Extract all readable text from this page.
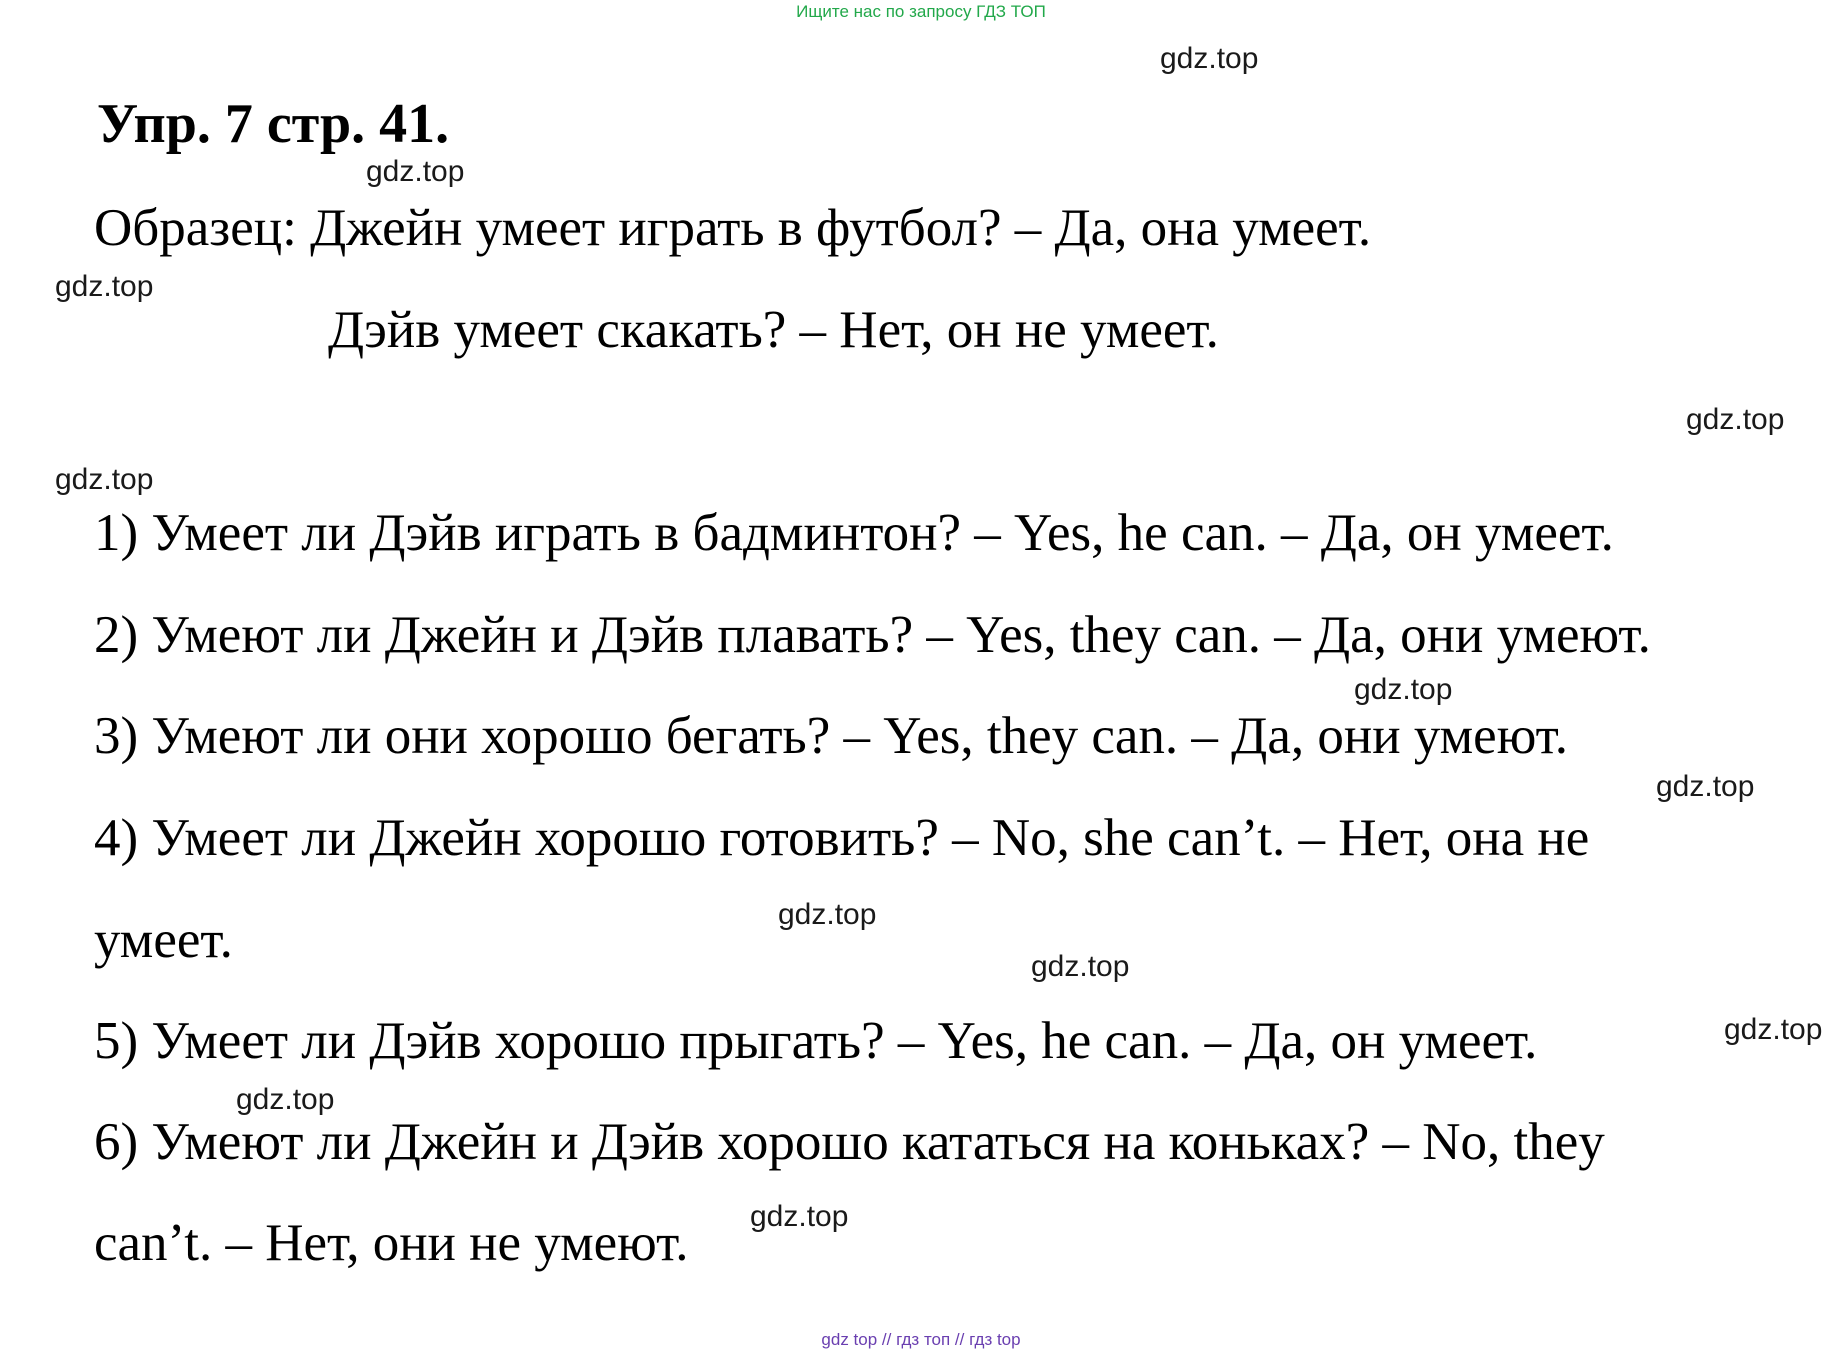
Ищите нас по запросу ГДЗ ТОП
gdz.top
Упр. 7 стр. 41.
gdz.top
Образец: Джейн умеет играть в футбол? – Да, она умеет.
gdz.top
Дэйв умеет скакать? – Нет, он не умеет.
gdz.top
gdz.top
1) Умеет ли Дэйв играть в бадминтон? – Yes, he can. – Да, он умеет.
2) Умеют ли Джейн и Дэйв плавать? – Yes, they can. – Да, они умеют.
gdz.top
3) Умеют ли они хорошо бегать? – Yes, they can. – Да, они умеют.
gdz.top
4) Умеет ли Джейн хорошо готовить? – No, she can’t. – Нет, она не
gdz.top
умеет.	gdz.top
5) Умеет ли Дэйв хорошо прыгать? – Yes, he can. – Да, он умеет.	gdz.top
gdz.top
6) Умеют ли Джейн и Дэйв хорошо кататься на коньках? – No, they
gdz.top
can’t. – Нет, они не умеют.
gdz top // гдз топ // гдз top
